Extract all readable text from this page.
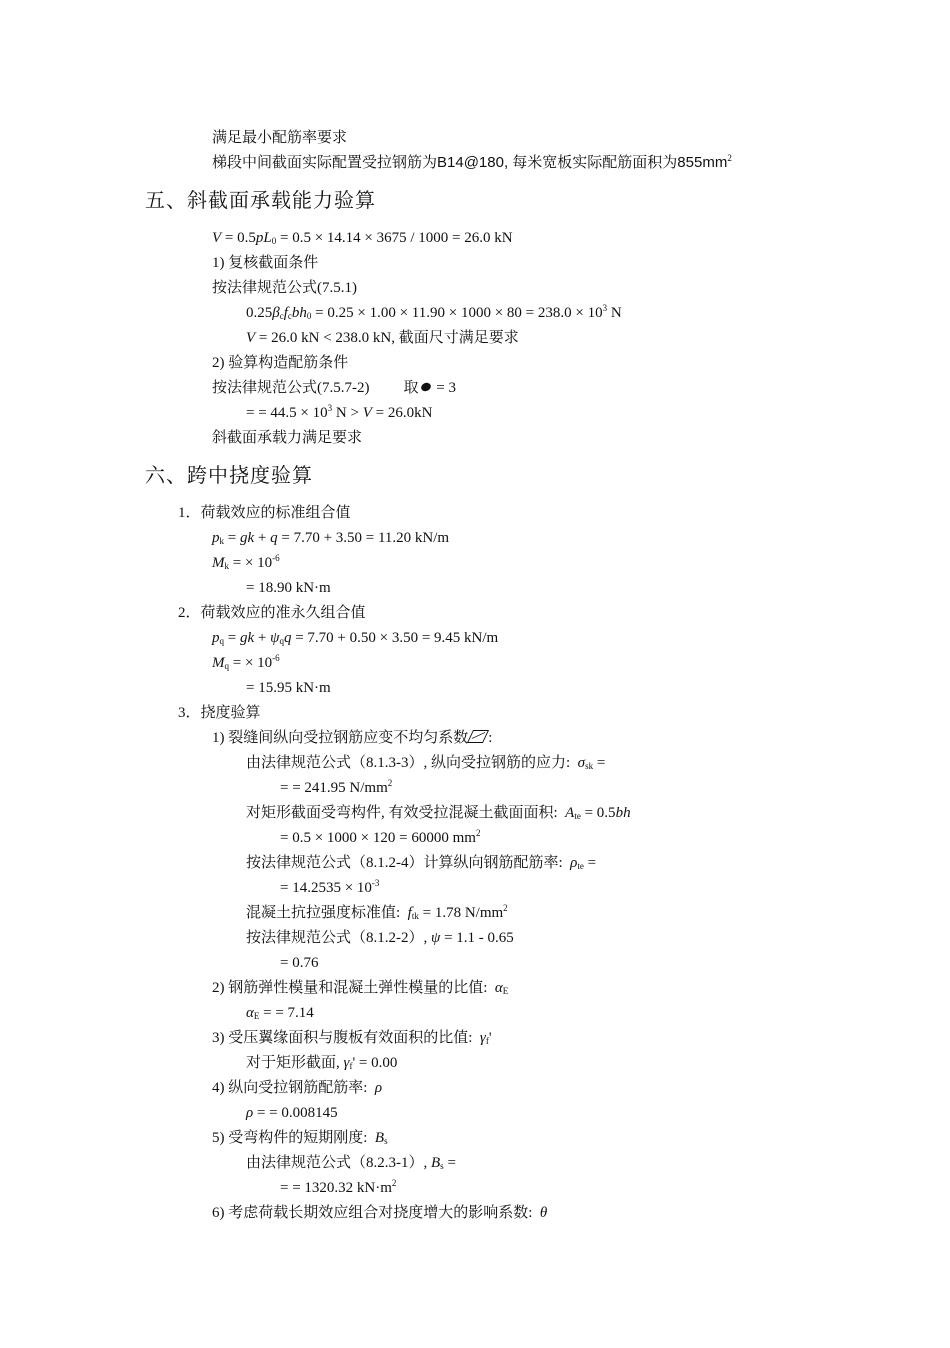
满足最小配筋率要求
梯段中间截面实际配置受拉钢筋为B14@180, 每米宽板实际配筋面积为$855mm^2$
五、斜截面承载能力验算
$V = 0.5pL_0 = 0.5 \times 14.14 \times 3675 / 1000 = 26.0$ kN
1) 复核截面条件
按法律规范公式(7.5.1)
$0.25\beta_cf_cbh_0 = 0.25 \times 1.00 \times 11.90 \times 1000 \times 80 = 238.0 \times 10^3$ N
V = 26.0 kN < 238.0 kN, 截面尺寸满足要求
2) 验算构造配筋条件
按法律规范公式(7.5.7-2) 取 = 3
= = $44.5 \times 10^3$ N > V = 26.0kN
斜截面承载力满足要求
六、跨中挠度验算
1．荷载效应的标准组合值
$p_k$ = gk + q = 7.70 + 3.50 = 11.20 kN/m
$M_k$ = × $10^{-6}$
= 18.90 kN·m
2．荷载效应的准永久组合值
$p_q$ = gk + $\psi_qq = 7.70 + 0.50 \times 3.50 = 9.45$ kN/m
$M_q$ = × $10^{-6}$
= 15.95 kN·m
3．挠度验算
1) 裂缝间纵向受拉钢筋应变不均匀系数 :
由法律规范公式（8.1.3-3）, 纵向受拉钢筋的应力: $\sigma_{sk}$ =
= = 241.95 $N/mm^2$
对矩形截面受弯构件, 有效受拉混凝土截面面积: $A_{te} = 0.5bh$
= 0.5 × 1000 × 120 = 60000 $mm^2$
按法律规范公式（8.1.2-4）计算纵向钢筋配筋率: $\rho_{te}$ =
= $14.2535 \times 10^{-3}$
混凝土抗拉强度标准值: $f_{tk} = 1.78$ $N/mm^2$
按法律规范公式（8.1.2-2）, ψ = 1.1 - 0.65
= 0.76
2) 钢筋弹性模量和混凝土弹性模量的比值: $\alpha_E$
$\alpha_E$ = = 7.14
3) 受压翼缘面积与腹板有效面积的比值: $\gamma_f'$
对于矩形截面, $\gamma_f' = 0.00$
4) 纵向受拉钢筋配筋率: ρ
ρ = = 0.008145
5) 受弯构件的短期刚度: $B_s$
由法律规范公式（8.2.3-1）, $B_s$ =
= = 1320.32 $kN\cdot m^2$
6) 考虑荷载长期效应组合对挠度增大的影响系数: θ
